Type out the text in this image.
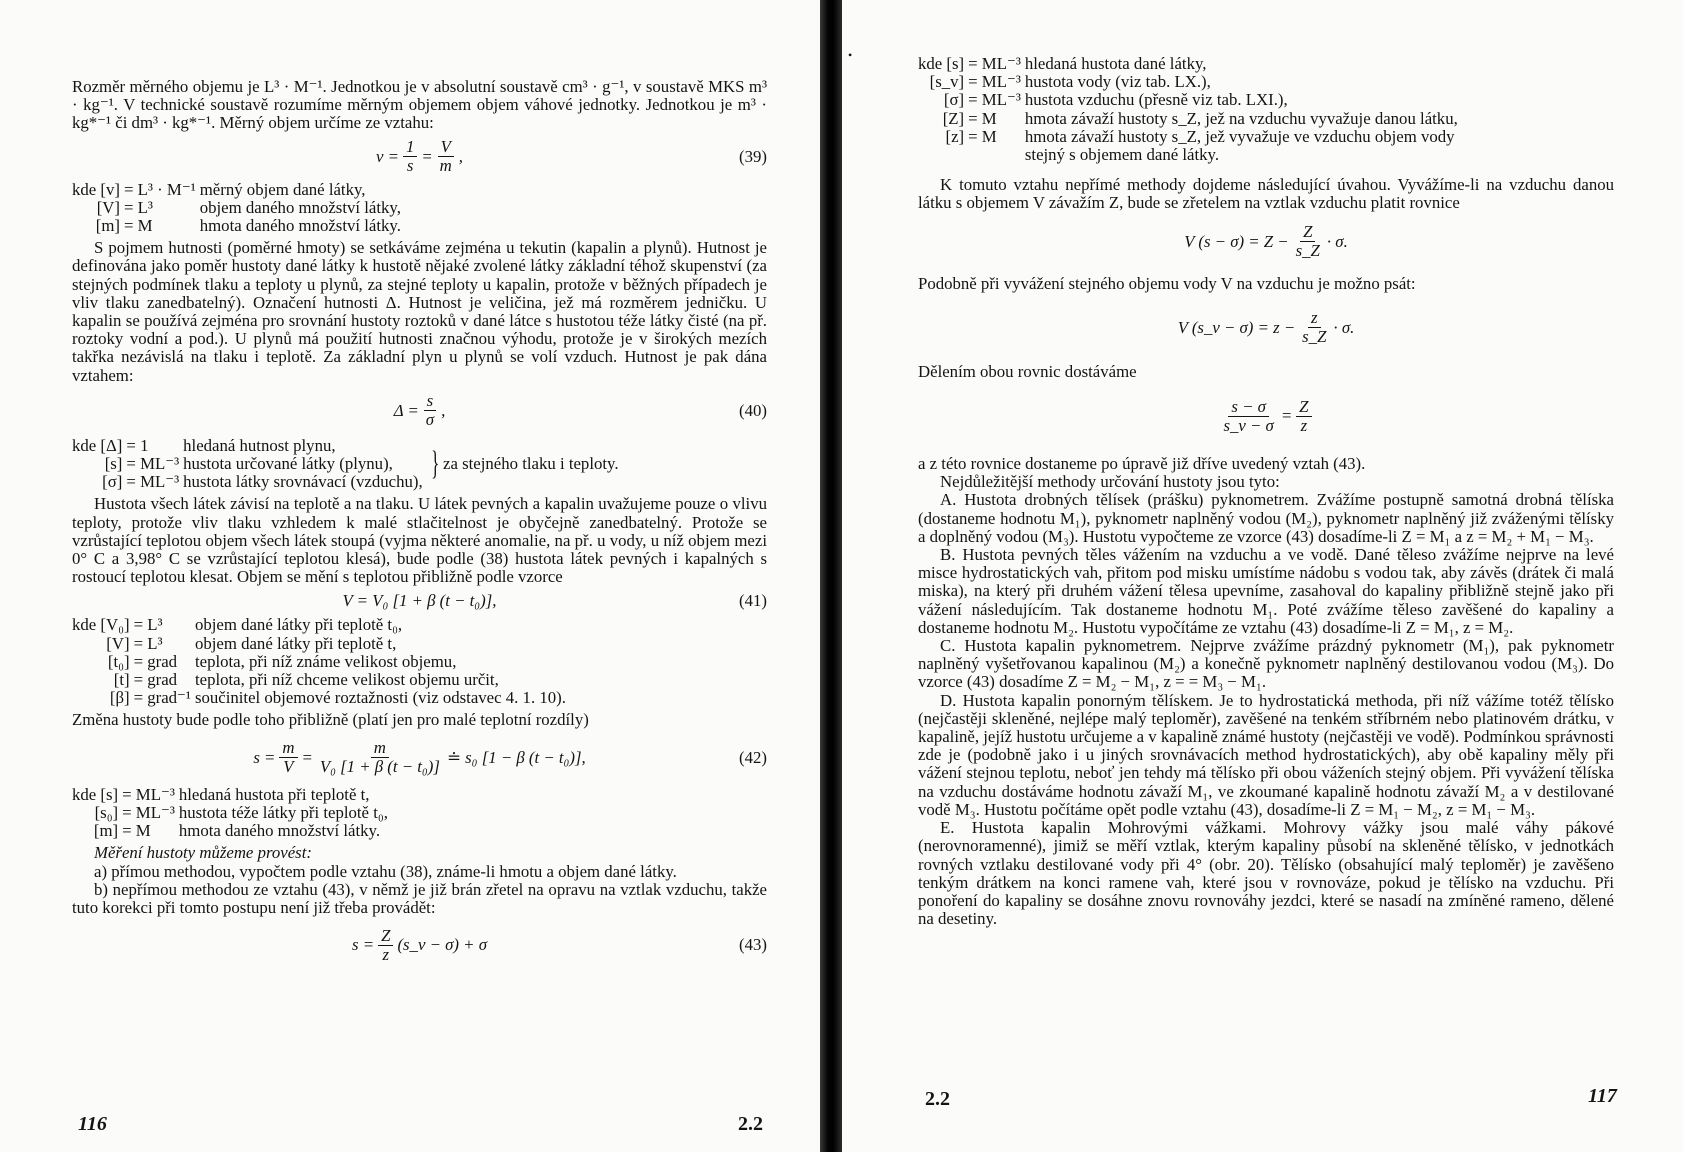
Rozměr měrného objemu je L³ · M⁻¹. Jednotkou je v absolutní soustavě cm³ · g⁻¹, v soustavě MKS m³ · kg⁻¹. V technické soustavě rozumíme měrným objemem objem váhové jednotky. Jednotkou je m³ · kg*⁻¹ či dm³ · kg*⁻¹. Měrný objem určíme ze vztahu:

$v = \frac{1}{s} = \frac{V}{m}$ ,	(39)
kde [v]	= L³ · M⁻¹	měrný objem dané látky,
[V]	= L³	objem daného množství látky,
[m]	= M	hmota daného množství látky.

S pojmem hutnosti (poměrné hmoty) se setkáváme zejména u tekutin (kapalin a plynů). Hutnost je definována jako poměr hustoty dané látky k hustotě nějaké zvolené látky základní téhož skupenství (za stejných podmínek tlaku a teploty u plynů, za stejné teploty u kapalin, protože v běžných případech je vliv tlaku zanedbatelný). Označení hutnosti Δ. Hutnost je veličina, jež má rozměrem jedničku. U kapalin se používá zejména pro srovnání hustoty roztoků v dané látce s hustotou téže látky čisté (na př. roztoky vodní a pod.). U plynů má použití hutnosti značnou výhodu, protože je v širokých mezích takřka nezávislá na tlaku i teplotě. Za základní plyn u plynů se volí vzduch. Hutnost je pak dána vztahem:

$\Delta = \frac{s}{\sigma}$ ,	(40)
kde [Δ]	= 1	hledaná hutnost plynu,
[s]	= ML⁻³	hustota určované látky (plynu),
[σ]	= ML⁻³	hustota látky srovnávací (vzduchu), } za stejného tlaku i teploty.

Hustota všech látek závisí na teplotě a na tlaku. U látek pevných a kapalin uvažujeme pouze o vlivu teploty, protože vliv tlaku vzhledem k malé stlačitelnost je obyčejně zanedbatelný. Protože se vzrůstající teplotou objem všech látek stoupá (vyjma některé anomalie, na př. u vody, u níž objem mezi 0° C a 3,98° C se vzrůstající teplotou klesá), bude podle (38) hustota látek pevných i kapalných s rostoucí teplotou klesat. Objem se mění s teplotou přibližně podle vzorce

V = V₀ [1 + β (t − t₀)],	(41)
kde [V₀]	= L³	objem dané látky při teplotě t₀,
[V]	= L³	objem dané látky při teplotě t,
[t₀]	= grad	teplota, při níž známe velikost objemu,
[t]	= grad	teplota, při níž chceme velikost objemu určit,
[β]	= grad⁻¹	součinitel objemové roztažnosti (viz odstavec 4. 1. 10).

Změna hustoty bude podle toho přibližně (platí jen pro malé teplotní rozdíly)

$s = \frac{m}{V} = \frac{m}{\text{V₀ [1 + β (t − t₀)]}}$ ≐ s₀ [1 − β (t − t₀)],	(42)
kde [s]	= ML⁻³	hledaná hustota při teplotě t,
[s₀]	= ML⁻³	hustota téže látky při teplotě t₀,
[m]	= M	hmota daného množství látky.

Měření hustoty můžeme provést:

a) přímou methodou, vypočtem podle vztahu (38), známe-li hmotu a objem dané látky.

b) nepřímou methodou ze vztahu (43), v němž je již brán zřetel na opravu na vztlak vzduchu, takže tuto korekci při tomto postupu není již třeba provádět:

$s = \frac{Z}{z}$ (s_v − σ) + σ	(43)
116	2.2
kde [s]	= ML⁻³	hledaná hustota dané látky,
[s_v]	= ML⁻³	hustota vody (viz tab. LX.),
[σ]	= ML⁻³	hustota vzduchu (přesně viz tab. LXI.),
[Z]	= M	hmota závaží hustoty s_Z, jež na vzduchu vyvažuje danou látku,
[z]	= M	hmota závaží hustoty s_Z, jež vyvažuje ve vzduchu objem vody
		stejný s objemem dané látky.

K tomuto vztahu nepřímé methody dojdeme následující úvahou. Vyvážíme-li na vzduchu danou látku s objemem V závažím Z, bude se zřetelem na vztlak vzduchu platit rovnice

V $(s - \sigma) = Z - \frac{Z}{s\_Z} \cdot \sigma$.

Podobně při vyvážení stejného objemu vody V na vzduchu je možno psát:

V (s_v − $\sigma) = z - \frac{z}{s\_Z} \cdot \sigma$.

Dělením obou rovnic dostáváme

$\frac{s - \sigma}{s\_v - \sigma} = \frac{Z}{z}$

a z této rovnice dostaneme po úpravě již dříve uvedený vztah (43).

Nejdůležitější methody určování hustoty jsou tyto:

A. Hustota drobných tělísek (prášku) pyknometrem. Zvážíme postupně samotná drobná tělíska (dostaneme hodnotu M₁), pyknometr naplněný vodou (M₂), pyknometr naplněný již zváženými tělísky a doplněný vodou (M₃). Hustotu vypočteme ze vzorce (43) dosadíme-li Z = M₁ a z = M₂ + M₁ − M₃.

B. Hustota pevných těles vážením na vzduchu a ve vodě. Dané těleso zvážíme nejprve na levé misce hydrostatických vah, přitom pod misku umístíme nádobu s vodou tak, aby závěs (drátek či malá miska), na který při druhém vážení tělesa upevníme, zasahoval do kapaliny přibližně stejně jako při vážení následujícím. Tak dostaneme hodnotu M₁. Poté zvážíme těleso zavěšené do kapaliny a dostaneme hodnotu M₂. Hustotu vypočítáme ze vztahu (43) dosadíme-li Z = M₁, z = M₂.

C. Hustota kapalin pyknometrem. Nejprve zvážíme prázdný pyknometr (M₁), pak pyknometr naplněný vyšetřovanou kapalinou (M₂) a konečně pyknometr naplněný destilovanou vodou (M₃). Do vzorce (43) dosadíme Z = M₂ − M₁, z = = M₃ − M₁.

D. Hustota kapalin ponorným tělískem. Je to hydrostatická methoda, při níž vážíme totéž tělísko (nejčastěji skleněné, nejlépe malý teploměr), zavěšené na tenkém stříbrném nebo platinovém drátku, v kapalině, jejíž hustotu určujeme a v kapalině známé hustoty (nejčastěji ve vodě). Podmínkou správnosti zde je (podobně jako i u jiných srovnávacích method hydrostatických), aby obě kapaliny měly při vážení stejnou teplotu, neboť jen tehdy má tělísko při obou váženích stejný objem. Při vyvážení tělíska na vzduchu dostáváme hodnotu závaží M₁, ve zkoumané kapalině hodnotu závaží M₂ a v destilované vodě M₃. Hustotu počítáme opět podle vztahu (43), dosadíme-li Z = M₁ − M₂, z = M₁ − M₃.

E. Hustota kapalin Mohrovými vážkami. Mohrovy vážky jsou malé váhy pákové (nerovnoramenné), jimiž se měří vztlak, kterým kapaliny působí na skleněné tělísko, v jednotkách rovných vztlaku destilované vody při 4° (obr. 20). Tělísko (obsahující malý teploměr) je zavěšeno tenkým drátkem na konci ramene vah, které jsou v rovnováze, pokud je tělísko na vzduchu. Při ponoření do kapaliny se dosáhne znovu rovnováhy jezdci, které se nasadí na zmíněné rameno, dělené na desetiny.

•
2.2	117
